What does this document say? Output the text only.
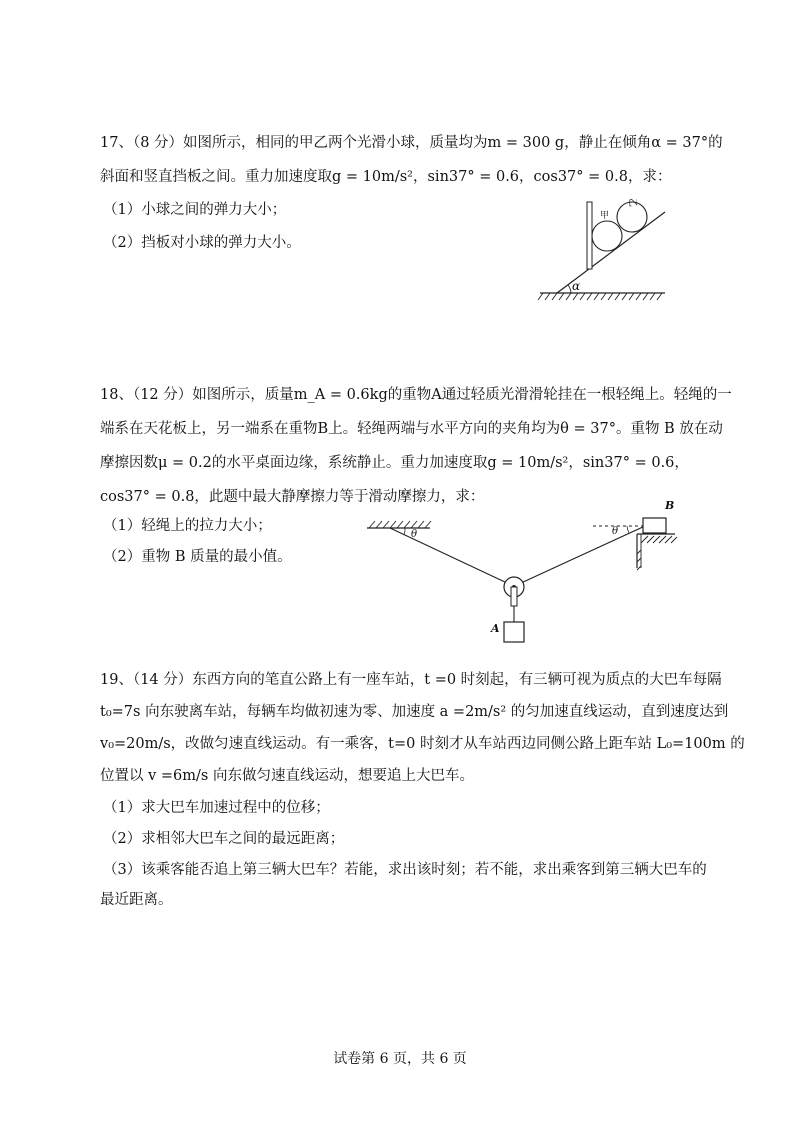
17、（8 分）如图所示，相同的甲乙两个光滑小球，质量均为m = 300 g，静止在倾角α = 37°的
斜面和竖直挡板之间。重力加速度取g = 10m/s²，sin37° = 0.6，cos37° = 0.8，求：
（1）小球之间的弹力大小；
（2）挡板对小球的弹力大小。
甲
乙
α
18、（12 分）如图所示，质量m_A = 0.6kg的重物A通过轻质光滑滑轮挂在一根轻绳上。轻绳的一
端系在天花板上，另一端系在重物B上。轻绳两端与水平方向的夹角均为θ = 37°。重物 B 放在动
摩擦因数μ = 0.2的水平桌面边缘，系统静止。重力加速度取g = 10m/s²，sin37° = 0.6，
cos37° = 0.8，此题中最大静摩擦力等于滑动摩擦力，求：
（1）轻绳上的拉力大小；
（2）重物 B 质量的最小值。
θ	θ
A
B
19、（14 分）东西方向的笔直公路上有一座车站，t =0 时刻起，有三辆可视为质点的大巴车每隔
t₀=7s 向东驶离车站，每辆车均做初速为零、加速度 a =2m/s² 的匀加速直线运动，直到速度达到
v₀=20m/s，改做匀速直线运动。有一乘客，t=0 时刻才从车站西边同侧公路上距车站 L₀=100m 的
位置以 v =6m/s 向东做匀速直线运动，想要追上大巴车。
（1）求大巴车加速过程中的位移；
（2）求相邻大巴车之间的最远距离；
（3）该乘客能否追上第三辆大巴车？若能，求出该时刻；若不能，求出乘客到第三辆大巴车的
最近距离。
试卷第 6 页，共 6 页
